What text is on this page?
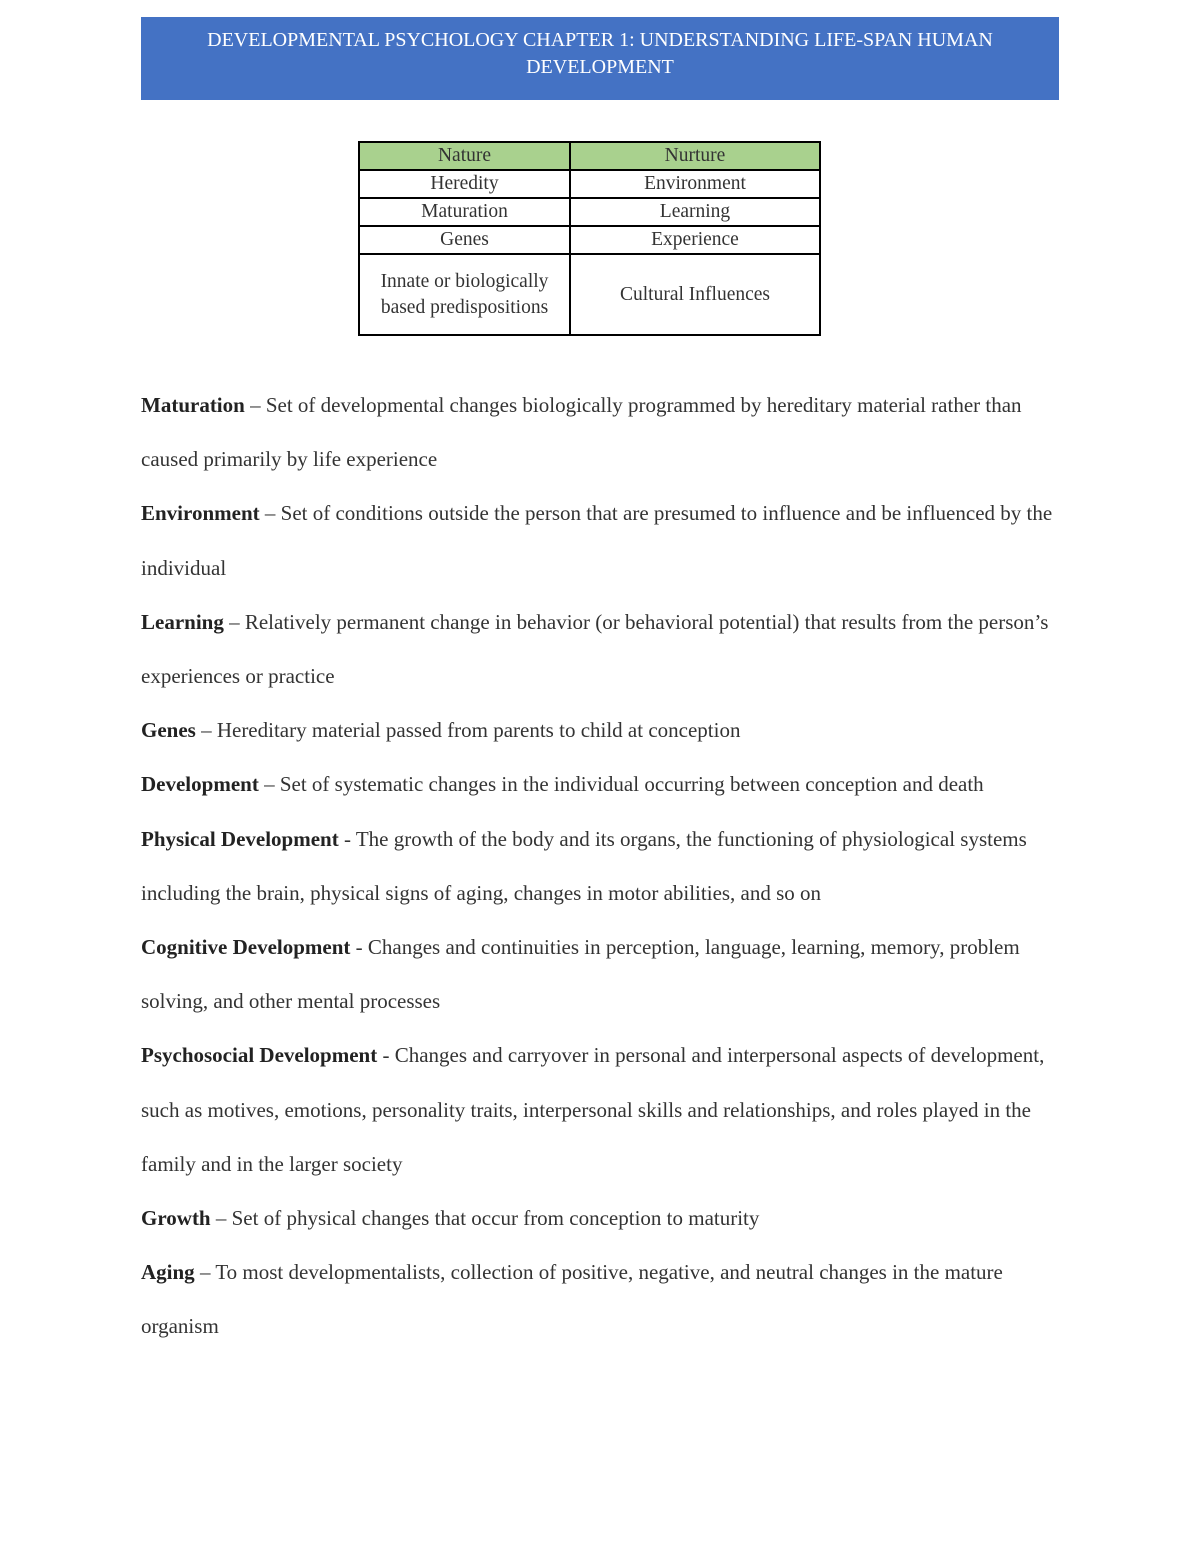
DEVELOPMENTAL PSYCHOLOGY CHAPTER 1: UNDERSTANDING LIFE-SPAN HUMAN DEVELOPMENT
Nature	Nurture
Heredity	Environment
Maturation	Learning
Genes	Experience
Innate or biologically based predispositions	Cultural Influences

Maturation – Set of developmental changes biologically programmed by hereditary material rather than caused primarily by life experience

Environment – Set of conditions outside the person that are presumed to influence and be influenced by the individual

Learning – Relatively permanent change in behavior (or behavioral potential) that results from the person’s experiences or practice

Genes – Hereditary material passed from parents to child at conception

Development – Set of systematic changes in the individual occurring between conception and death

Physical Development - The growth of the body and its organs, the functioning of physiological systems including the brain, physical signs of aging, changes in motor abilities, and so on

Cognitive Development - Changes and continuities in perception, language, learning, memory, problem solving, and other mental processes

Psychosocial Development - Changes and carryover in personal and interpersonal aspects of development, such as motives, emotions, personality traits, interpersonal skills and relationships, and roles played in the family and in the larger society

Growth – Set of physical changes that occur from conception to maturity

Aging – To most developmentalists, collection of positive, negative, and neutral changes in the mature organism
